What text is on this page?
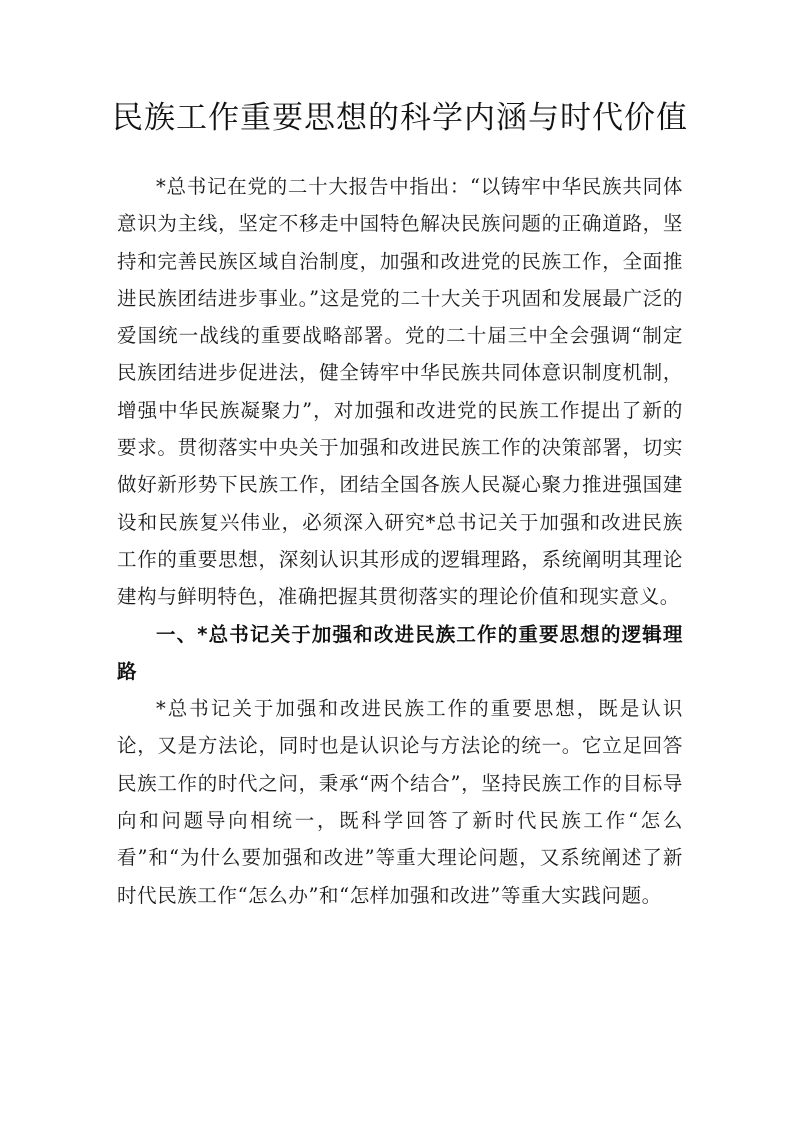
民族工作重要思想的科学内涵与时代价值

*总书记在党的二十大报告中指出：“以铸牢中华民族共同体意识为主线，坚定不移走中国特色解决民族问题的正确道路，坚持和完善民族区域自治制度，加强和改进党的民族工作，全面推进民族团结进步事业。”这是党的二十大关于巩固和发展最广泛的爱国统一战线的重要战略部署。党的二十届三中全会强调“制定民族团结进步促进法，健全铸牢中华民族共同体意识制度机制，增强中华民族凝聚力”，对加强和改进党的民族工作提出了新的要求。贯彻落实中央关于加强和改进民族工作的决策部署，切实做好新形势下民族工作，团结全国各族人民凝心聚力推进强国建设和民族复兴伟业，必须深入研究*总书记关于加强和改进民族工作的重要思想，深刻认识其形成的逻辑理路，系统阐明其理论建构与鲜明特色，准确把握其贯彻落实的理论价值和现实意义。

一、*总书记关于加强和改进民族工作的重要思想的逻辑理路

*总书记关于加强和改进民族工作的重要思想，既是认识论，又是方法论，同时也是认识论与方法论的统一。它立足回答民族工作的时代之问，秉承“两个结合”，坚持民族工作的目标导向和问题导向相统一，既科学回答了新时代民族工作“怎么看”和“为什么要加强和改进”等重大理论问题，又系统阐述了新时代民族工作“怎么办”和“怎样加强和改进”等重大实践问题。
